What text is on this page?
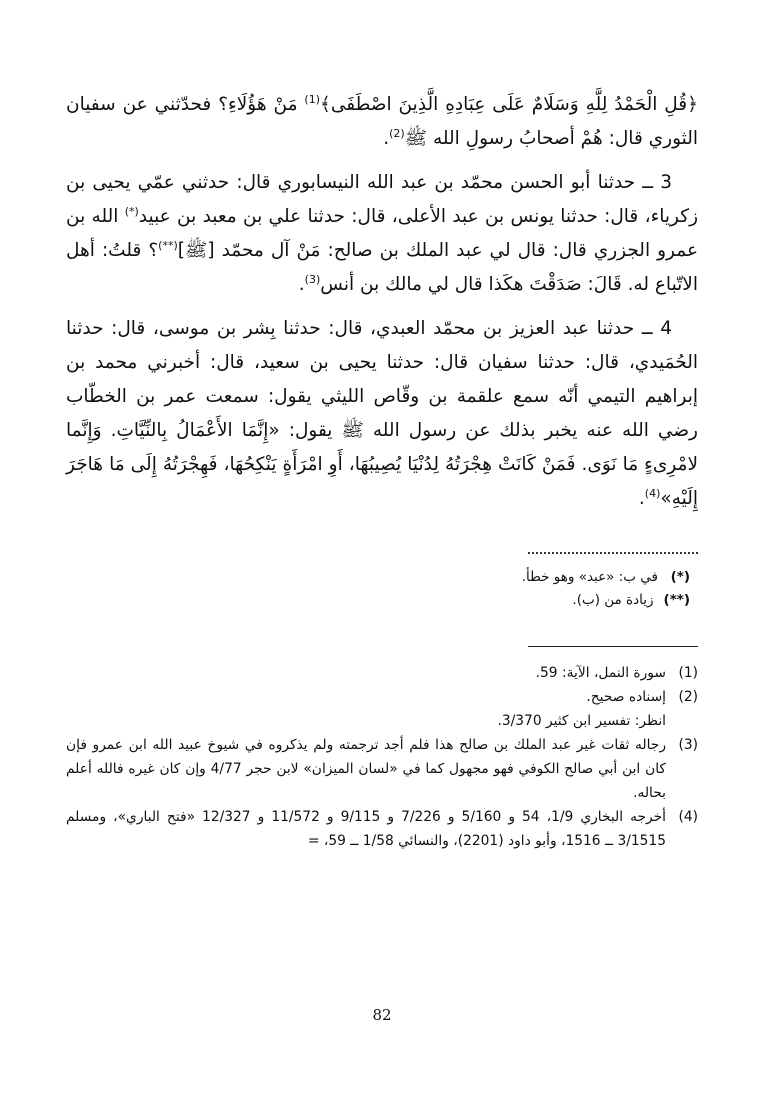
﴿قُلِ الْحَمْدُ لِلَّهِ وَسَلَامٌ عَلَى عِبَادِهِ الَّذِينَ اصْطَفَى﴾$^{(1)}$ مَنْ هَؤُلَاءِ؟ فحدّثني عن سفيان الثوري قال: هُمْ أصحابُ رسولِ الله ﷺ$^{(2)}$.

3 ــ حدثنا أبو الحسن محمّد بن عبد الله النيسابوري قال: حدثني عمّي يحيى بن زكرياء، قال: حدثنا يونس بن عبد الأعلى، قال: حدثنا علي بن معبد بن عبيد(*) الله بن عمرو الجزري قال: قال لي عبد الملك بن صالح: مَنْ آل محمّد [ﷺ](**)؟ قلتُ: أهل الاتّباع له. قَالَ: صَدَقْتَ هكَذا قال لي مالك بن أنس$^{(3)}$.

4 ــ حدثنا عبد العزيز بن محمّد العبدي، قال: حدثنا بِشر بن موسى، قال: حدثنا الحُمَيدي، قال: حدثنا سفيان قال: حدثنا يحيى بن سعيد، قال: أخبرني محمد بن إبراهيم التيمي أنّه سمع علقمة بن وقّاص الليثي يقول: سمعت عمر بن الخطّاب رضي الله عنه يخبر بذلك عن رسول الله ﷺ يقول: «إِنَّمَا الأَعْمَالُ بِالنِّيَّاتِ. وَإِنَّما لامْرِىءٍ مَا نَوَى. فَمَنْ كَانَتْ هِجْرَتُهُ لِدُنْيَا يُصِيبُهَا، أَوِ امْرَأَةٍ يَنْكِحُهَا، فَهِجْرَتُهُ إِلَى مَا هَاجَرَ إِلَيْهِ»$^{(4)}$.

(*)
في ب: «عبد» وهو خطأ.
(**)
زيادة من (ب).
(1)
سورة النمل، الآية: 59.
(2)
إسناده صحيح.
انظر: تفسير ابن كثير 3/370.
(3)
رجاله ثقات غير عبد الملك بن صالح هذا فلم أجد ترجمته ولم يذكروه في شيوخ عبيد الله ابن عمرو فإن كان ابن أبي صالح الكوفي فهو مجهول كما في «لسان الميزان» لابن حجر 4/77 وإن كان غيره فالله أعلم بحاله.
(4)
أخرجه البخاري 1/9، 54 و 5/160 و 7/226 و 9/115 و 11/572 و 12/327 «فتح الباري»، ومسلم 3/1515 ــ 1516، وأبو داود (2201)، والنسائي 1/58 ــ 59، =
82
